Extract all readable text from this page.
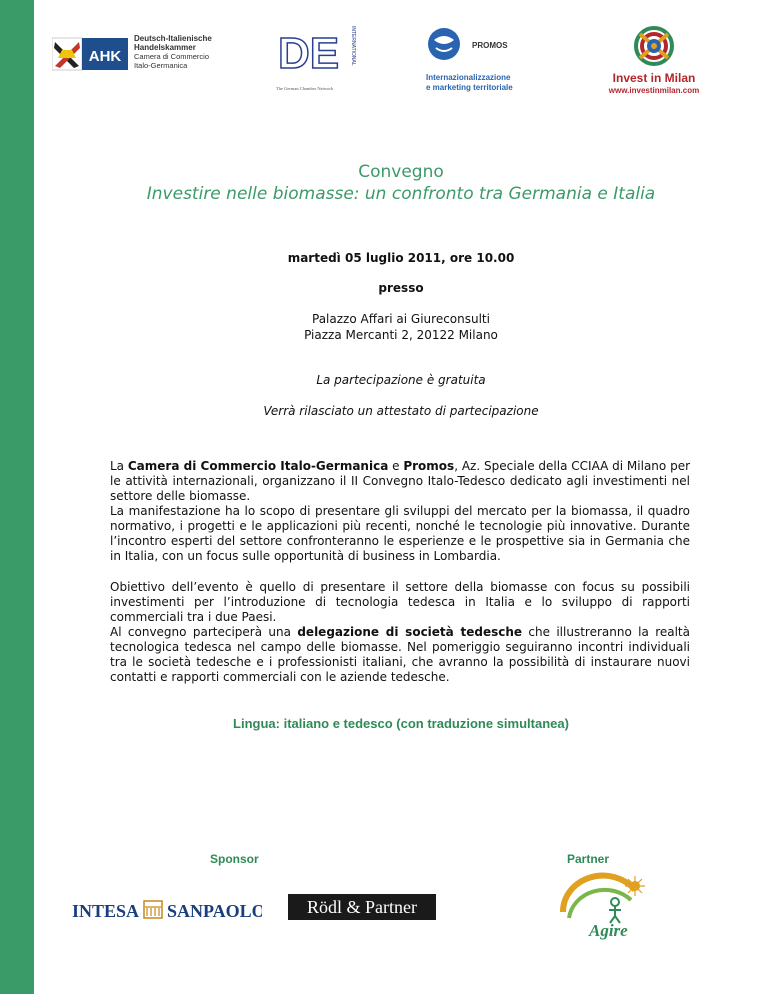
AHK
Deutsch-Italienische
Handelskammer
Camera di Commercio
Italo-Germanica	DE INTERNATIONAL
The German Chamber Network
PROMOS
Internazionalizzazione
e marketing territoriale
Invest in Milan
www.investinmilan.com
Convegno
Investire nelle biomasse: un confronto tra Germania e Italia
martedì 05 luglio 2011, ore 10.00
presso
Palazzo Affari ai Giureconsulti
Piazza Mercanti 2, 20122 Milano
La partecipazione è gratuita
Verrà rilasciato un attestato di partecipazione
La Camera di Commercio Italo-Germanica e Promos, Az. Speciale della CCIAA di Milano per le attività internazionali, organizzano il II Convegno Italo-Tedesco dedicato agli investimenti nel settore delle biomasse.
La manifestazione ha lo scopo di presentare gli sviluppi del mercato per la biomassa, il quadro normativo, i progetti e le applicazioni più recenti, nonché le tecnologie più innovative. Durante l’incontro esperti del settore confronteranno le esperienze e le prospettive sia in Germania che in Italia, con un focus sulle opportunità di business in Lombardia.
Obiettivo dell’evento è quello di presentare il settore della biomasse con focus su possibili investimenti per l’introduzione di tecnologia tedesca in Italia e lo sviluppo di rapporti commerciali tra i due Paesi.
Al convegno parteciperà una delegazione di società tedesche che illustreranno la realtà tecnologica tedesca nel campo delle biomasse. Nel pomeriggio seguiranno incontri individuali tra le società tedesche e i professionisti italiani, che avranno la possibilità di instaurare nuovi contatti e rapporti commerciali con le aziende tedesche.
Lingua: italiano e tedesco (con traduzione simultanea)
Sponsor	Partner
INTESA SANPAOLO	Rödl & Partner
Agire
